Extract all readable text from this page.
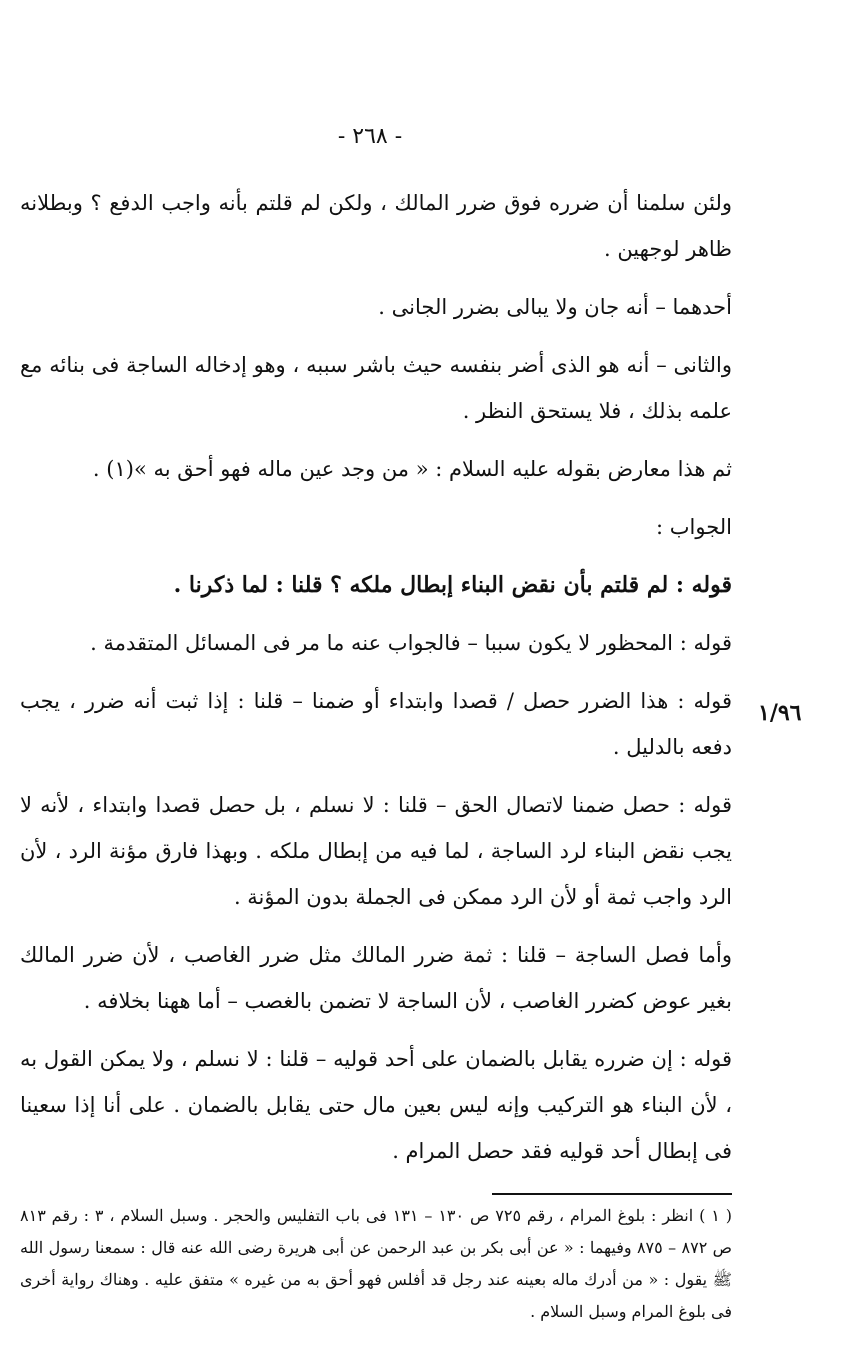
- ٢٦٨ -
١/٩٦

ولئن سلمنا أن ضرره فوق ضرر المالك ، ولكن لم قلتم بأنه واجب الدفع ؟ وبطلانه ظاهر لوجهين .

أحدهما – أنه جان ولا يبالى بضرر الجانى .

والثانى – أنه هو الذى أضر بنفسه حيث باشر سببه ، وهو إدخاله الساجة فى بنائه مع علمه بذلك ، فلا يستحق النظر .

ثم هذا معارض بقوله عليه السلام : « من وجد عين ماله فهو أحق به »(١) .

الجواب :

قوله : لم قلتم بأن نقض البناء إبطال ملكه ؟ قلنا : لما ذكرنا .

قوله : المحظور لا يكون سببا – فالجواب عنه ما مر فى المسائل المتقدمة .

قوله : هذا الضرر حصل / قصدا وابتداء أو ضمنا – قلنا : إذا ثبت أنه ضرر ، يجب دفعه بالدليل .

قوله : حصل ضمنا لاتصال الحق – قلنا : لا نسلم ، بل حصل قصدا وابتداء ، لأنه لا يجب نقض البناء لرد الساجة ، لما فيه من إبطال ملكه . وبهذا فارق مؤنة الرد ، لأن الرد واجب ثمة أو لأن الرد ممكن فى الجملة بدون المؤنة .

وأما فصل الساجة – قلنا : ثمة ضرر المالك مثل ضرر الغاصب ، لأن ضرر المالك بغير عوض كضرر الغاصب ، لأن الساجة لا تضمن بالغصب – أما ههنا بخلافه .

قوله : إن ضرره يقابل بالضمان على أحد قوليه – قلنا : لا نسلم ، ولا يمكن القول به ، لأن البناء هو التركيب وإنه ليس بعين مال حتى يقابل بالضمان . على أنا إذا سعينا فى إبطال أحد قوليه فقد حصل المرام .

( ١ ) انظر : بلوغ المرام ، رقم ٧٢٥ ص ١٣٠ – ١٣١ فى باب التفليس والحجر . وسبل السلام ، ٣ : رقم ٨١٣ ص ٨٧٢ – ٨٧٥ وفيهما : « عن أبى بكر بن عبد الرحمن عن أبى هريرة رضى الله عنه قال : سمعنا رسول الله ﷺ يقول : « من أدرك ماله بعينه عند رجل قد أفلس فهو أحق به من غيره » متفق عليه . وهناك رواية أخرى فى بلوغ المرام وسبل السلام .
